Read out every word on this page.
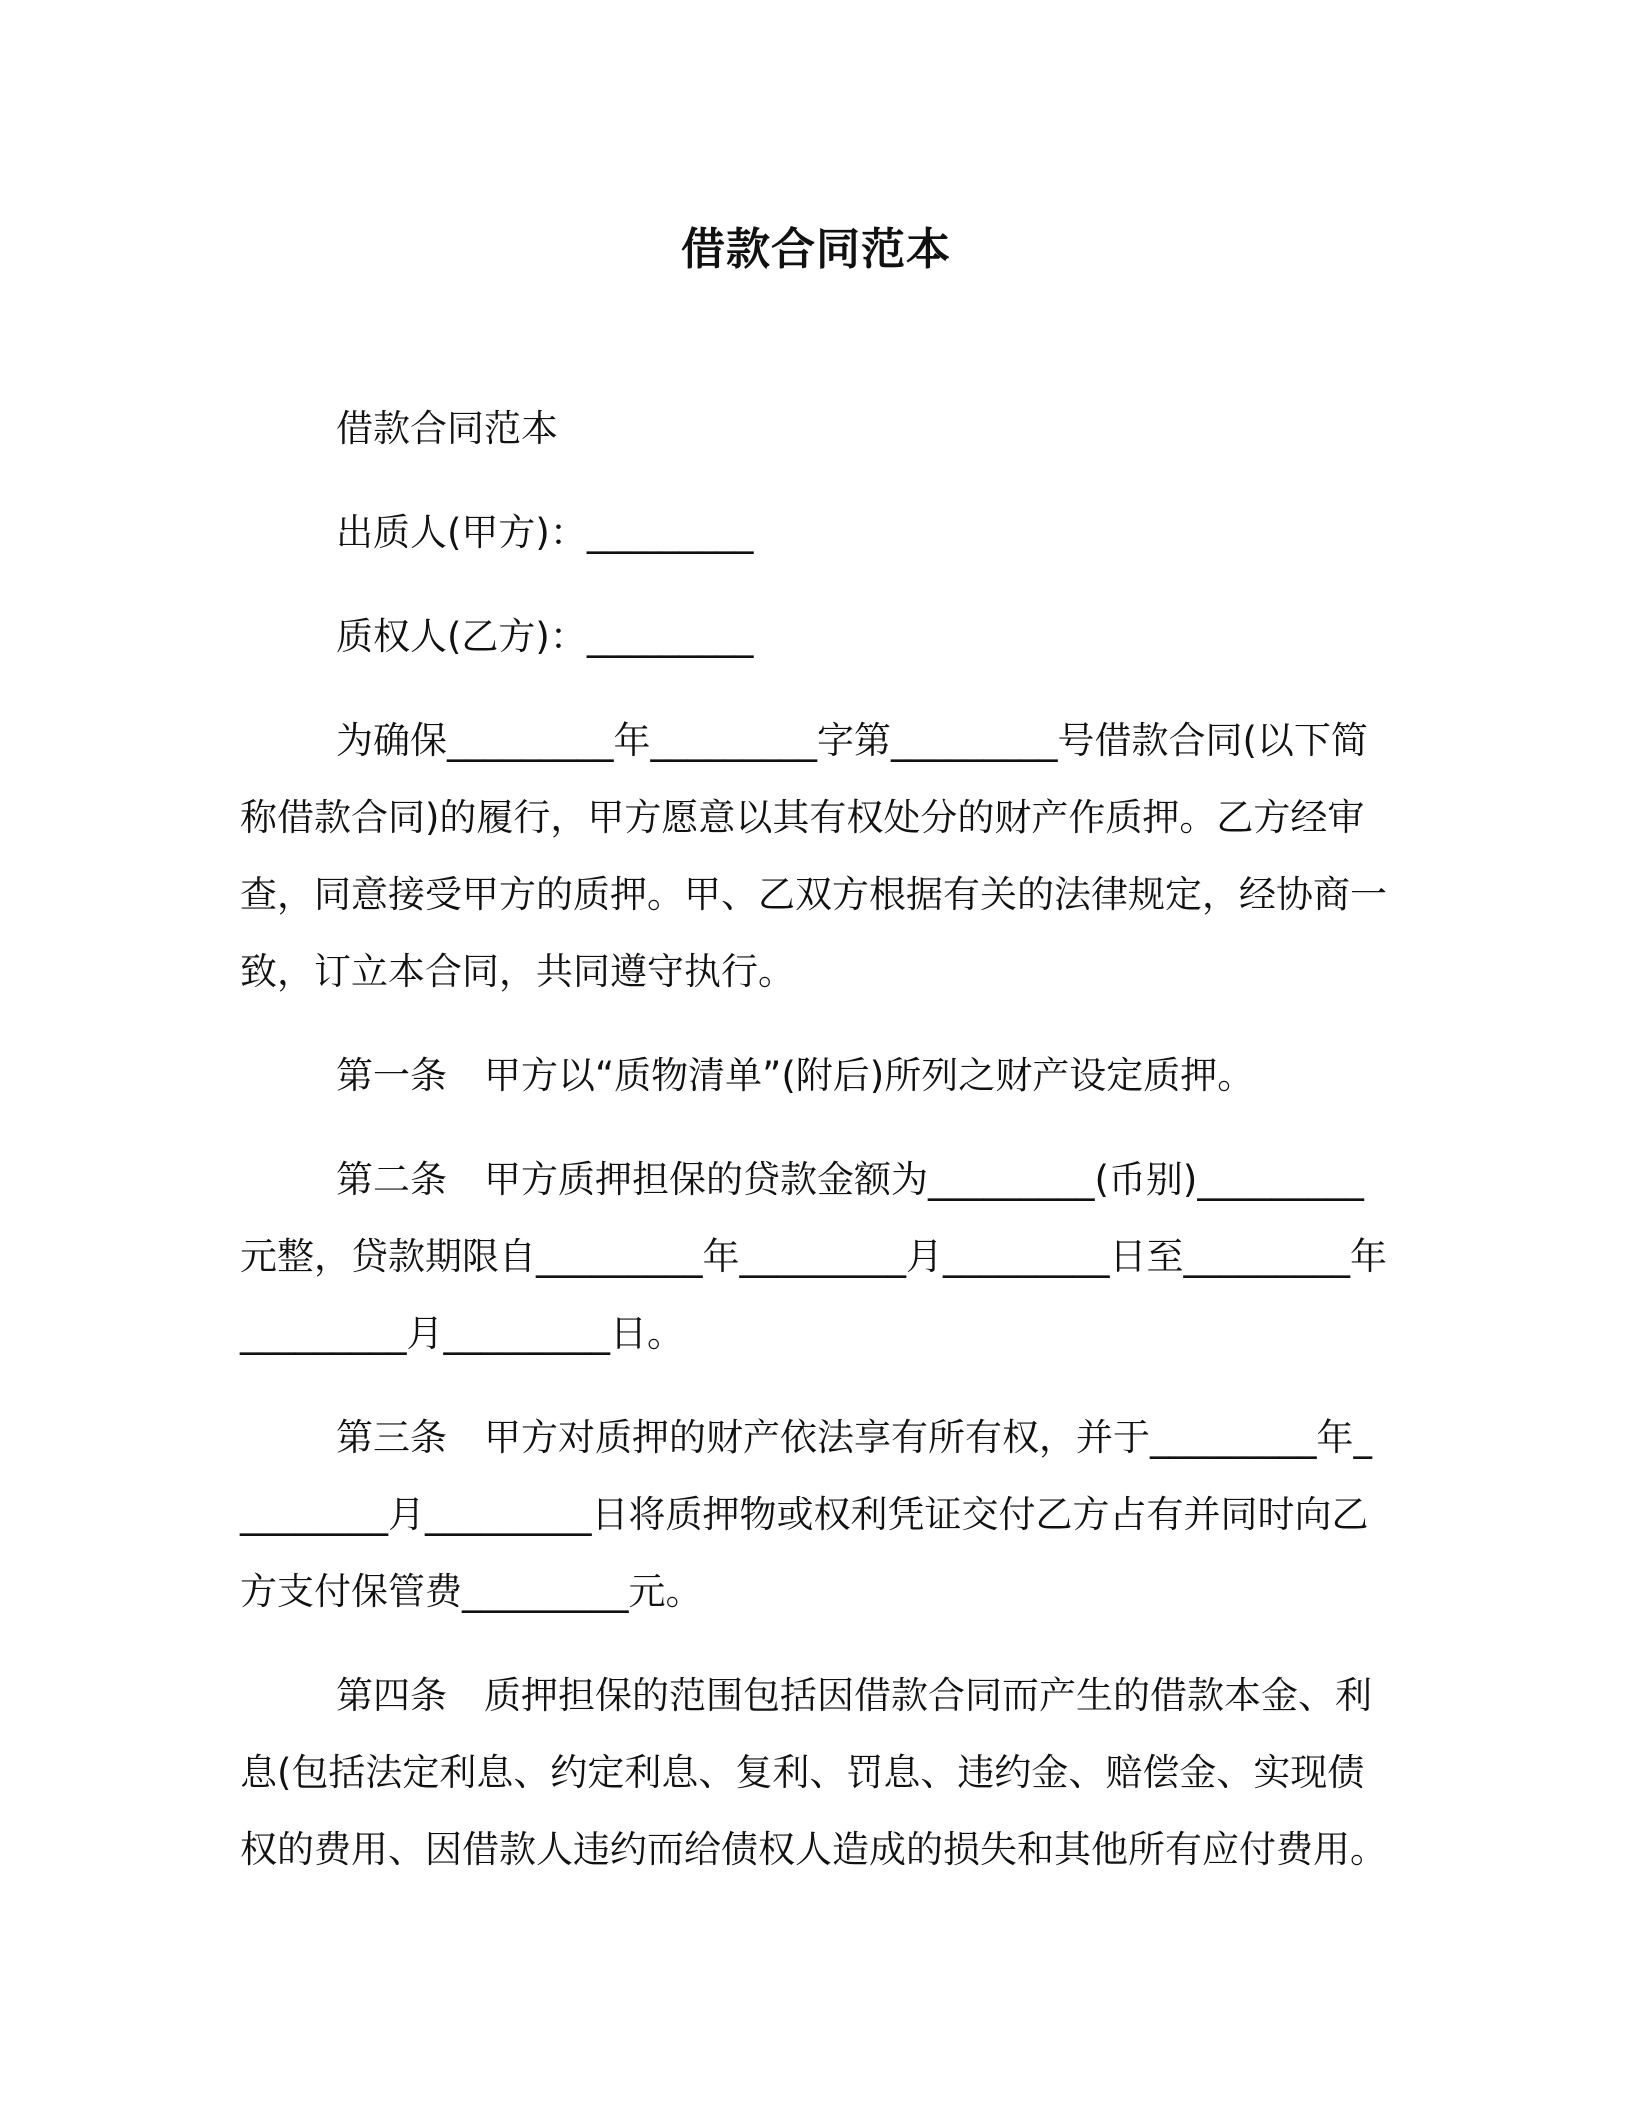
借款合同范本

借款合同范本

出质人(甲方)：_________

质权人(乙方)：_________

为确保_________年_________字第_________号借款合同(以下简称借款合同)的履行，甲方愿意以其有权处分的财产作质押。乙方经审查，同意接受甲方的质押。甲、乙双方根据有关的法律规定，经协商一致，订立本合同，共同遵守执行。

第一条　 甲方以“质物清单”(附后)所列之财产设定质押。

第二条　 甲方质押担保的贷款金额为_________(币别)_________元整，贷款期限自_________年_________月_________日至_________年_________月_________日。

第三条　 甲方对质押的财产依法享有所有权，并于_________年_________月_________日将质押物或权利凭证交付乙方占有并同时向乙方支付保管费_________元。

第四条　 质押担保的范围包括因借款合同而产生的借款本金、利息(包括法定利息、约定利息、复利、罚息、违约金、赔偿金、实现债权的费用、因借款人违约而给债权人造成的损失和其他所有应付费用。
